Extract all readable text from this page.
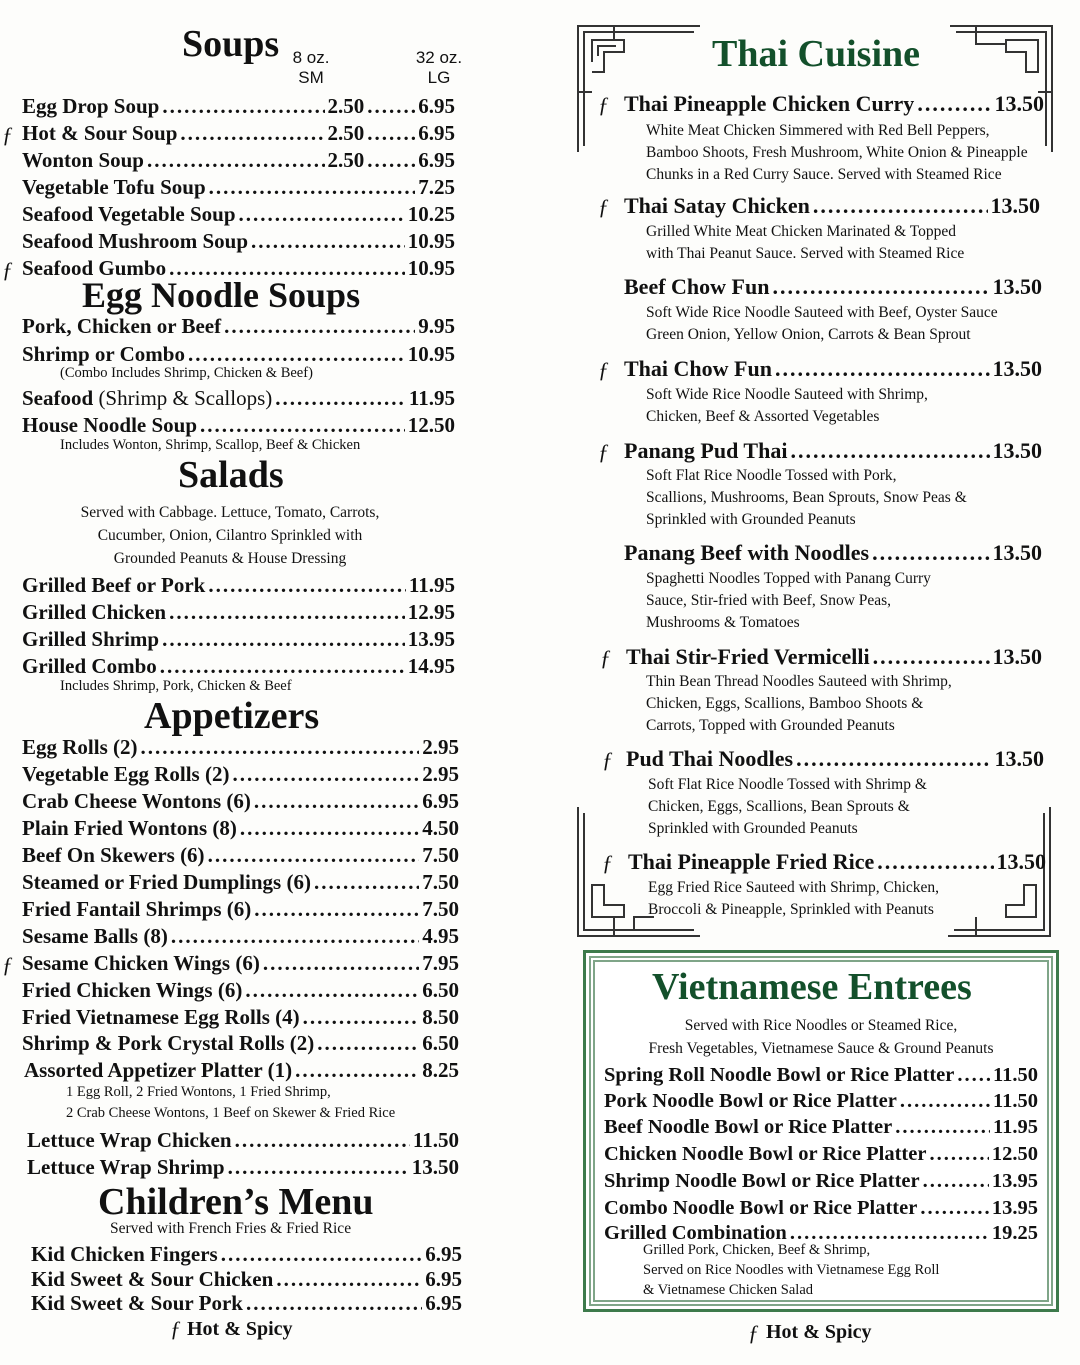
Soups 8 oz.
SM
32 oz.
LG
Egg Drop Soup .....	2.50 .....	6.95
ƒ Hot & Sour Soup .....	2.50 .....	6.95
Wonton Soup .....	2.50 .....	6.95
Vegetable Tofu Soup .....	7.25
Seafood Vegetable Soup .....	10.25
Seafood Mushroom Soup .....	10.95
ƒ Seafood Gumbo .....	10.95
Egg Noodle Soups
Pork, Chicken or Beef .....	9.95
Shrimp or Combo .....	10.95
(Combo Includes Shrimp, Chicken & Beef)
Seafood (Shrimp & Scallops) .....	11.95
House Noodle Soup .....	12.50
Includes Wonton, Shrimp, Scallop, Beef & Chicken
Salads
Served with Cabbage. Lettuce, Tomato, Carrots,
Cucumber, Onion, Cilantro Sprinkled with
Grounded Peanuts & House Dressing
Grilled Beef or Pork .....	11.95
Grilled Chicken .....	12.95
Grilled Shrimp .....	13.95
Grilled Combo .....	14.95
Includes Shrimp, Pork, Chicken & Beef
Appetizers
Egg Rolls (2) .....	2.95
Vegetable Egg Rolls (2) .....	2.95
Crab Cheese Wontons (6) .....	6.95
Plain Fried Wontons (8) .....	4.50
Beef On Skewers (6) .....	7.50
Steamed or Fried Dumplings (6) .....	7.50
Fried Fantail Shrimps (6) .....	7.50
Sesame Balls (8) .....	4.95
ƒ Sesame Chicken Wings (6) .....	7.95
Fried Chicken Wings (6) .....	6.50
Fried Vietnamese Egg Rolls (4) .....	8.50
Shrimp & Pork Crystal Rolls (2) .....	6.50
Assorted Appetizer Platter (1) .....	8.25
1 Egg Roll, 2 Fried Wontons, 1 Fried Shrimp,
2 Crab Cheese Wontons, 1 Beef on Skewer & Fried Rice
Lettuce Wrap Chicken .....	11.50
Lettuce Wrap Shrimp .....	13.50
Children’s Menu
Served with French Fries & Fried Rice
Kid Chicken Fingers .....	6.95
Kid Sweet & Sour Chicken .....	6.95
Kid Sweet & Sour Pork .....	6.95
ƒ Hot & Spicy
Thai Cuisine
ƒ Thai Pineapple Chicken Curry .....	13.50
White Meat Chicken Simmered with Red Bell Peppers,
Bamboo Shoots, Fresh Mushroom, White Onion & Pineapple
Chunks in a Red Curry Sauce. Served with Steamed Rice
ƒ Thai Satay Chicken .....	13.50
Grilled White Meat Chicken Marinated & Topped
with Thai Peanut Sauce. Served with Steamed Rice
Beef Chow Fun .....	13.50
Soft Wide Rice Noodle Sauteed with Beef, Oyster Sauce
Green Onion, Yellow Onion, Carrots & Bean Sprout
ƒ Thai Chow Fun .....	13.50
Soft Wide Rice Noodle Sauteed with Shrimp,
Chicken, Beef & Assorted Vegetables
ƒ Panang Pud Thai .....	13.50
Soft Flat Rice Noodle Tossed with Pork,
Scallions, Mushrooms, Bean Sprouts, Snow Peas &
Sprinkled with Grounded Peanuts
Panang Beef with Noodles .....	13.50
Spaghetti Noodles Topped with Panang Curry
Sauce, Stir-fried with Beef, Snow Peas,
Mushrooms & Tomatoes
ƒ Thai Stir-Fried Vermicelli .....	13.50
Thin Bean Thread Noodles Sauteed with Shrimp,
Chicken, Eggs, Scallions, Bamboo Shoots &
Carrots, Topped with Grounded Peanuts
ƒ Pud Thai Noodles .....	13.50
Soft Flat Rice Noodle Tossed with Shrimp &
Chicken, Eggs, Scallions, Bean Sprouts &
Sprinkled with Grounded Peanuts
ƒ Thai Pineapple Fried Rice .....	13.50
Egg Fried Rice Sauteed with Shrimp, Chicken,
Broccoli & Pineapple, Sprinkled with Peanuts
Vietnamese Entrees
Served with Rice Noodles or Steamed Rice,
Fresh Vegetables, Vietnamese Sauce & Ground Peanuts
Spring Roll Noodle Bowl or Rice Platter ..... 11.50
Pork Noodle Bowl or Rice Platter .....	11.50
Beef Noodle Bowl or Rice Platter .....	11.95
Chicken Noodle Bowl or Rice Platter .....	12.50
Shrimp Noodle Bowl or Rice Platter .....	13.95
Combo Noodle Bowl or Rice Platter .....	13.95
Grilled Combination .....	19.25
Grilled Pork, Chicken, Beef & Shrimp,
Served on Rice Noodles with Vietnamese Egg Roll
& Vietnamese Chicken Salad
ƒ Hot & Spicy
